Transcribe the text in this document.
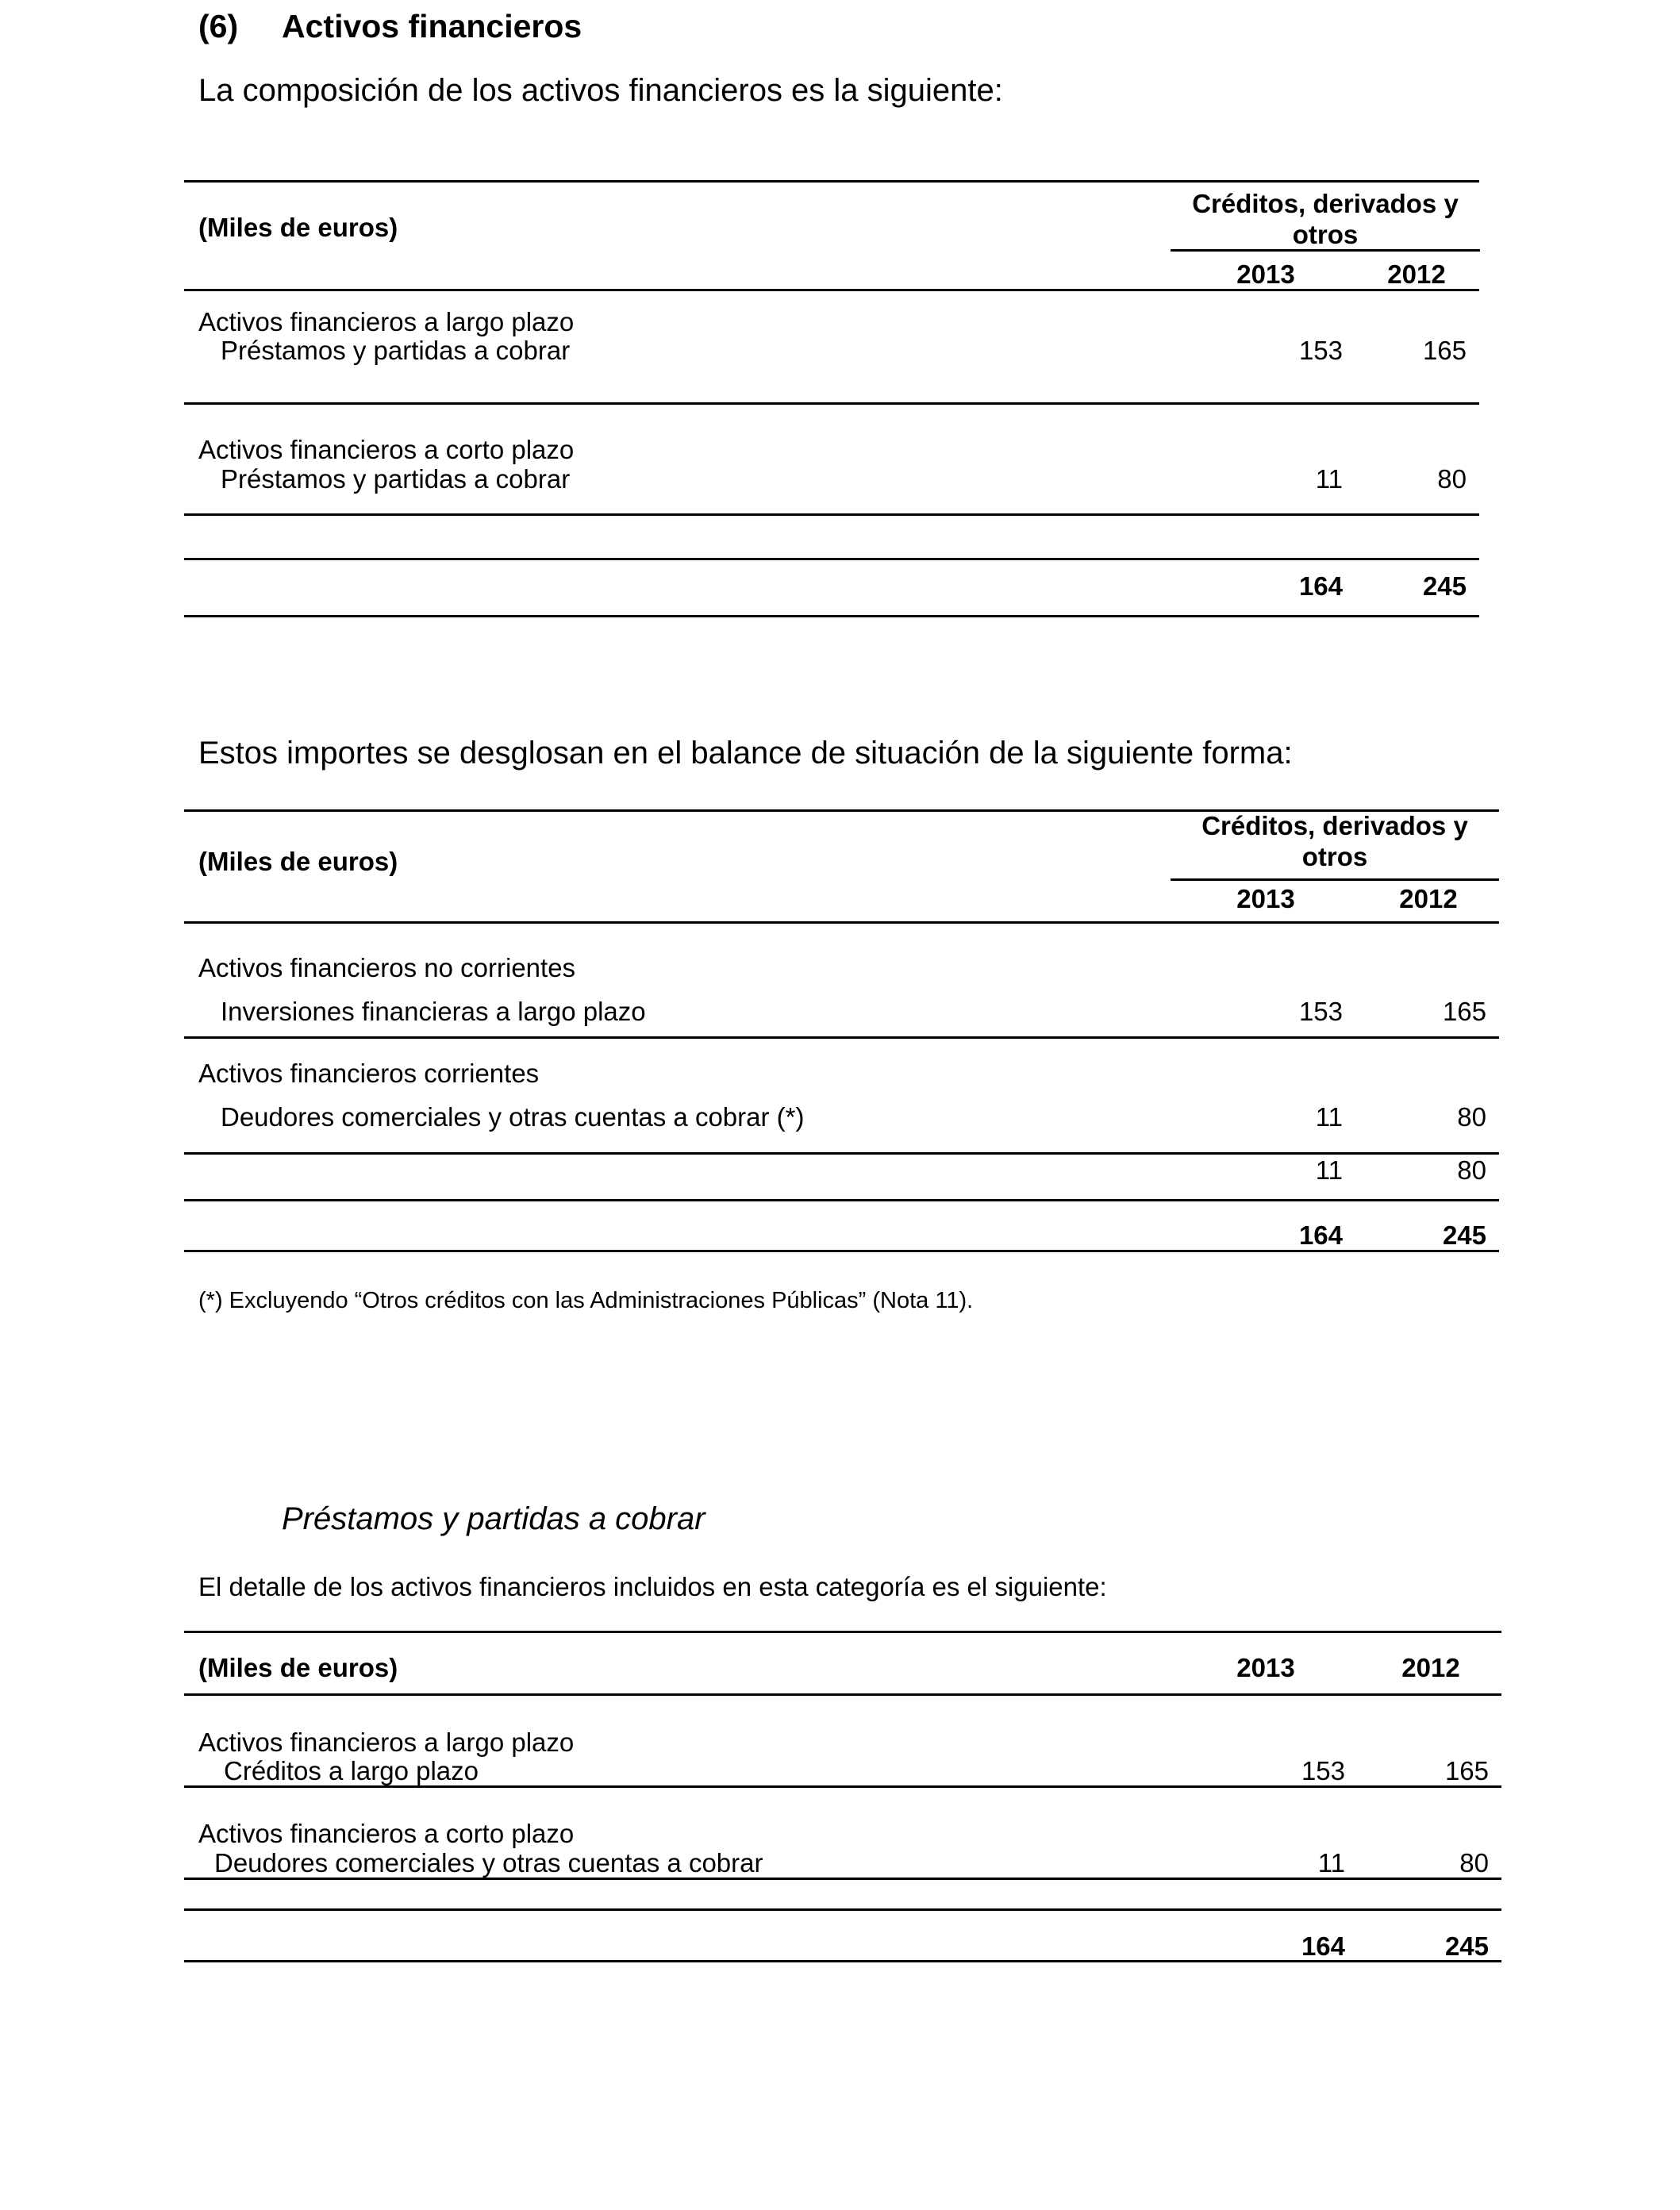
(6) Activos financieros
La composición de los activos financieros es la siguiente:
(Miles de euros)
Créditos, derivados y
otros
2013	2012
Activos financieros a largo plazo
Préstamos y partidas a cobrar	153	165
Activos financieros a corto plazo
Préstamos y partidas a cobrar	11	80
164	245
Estos importes se desglosan en el balance de situación de la siguiente forma:
(Miles de euros)
Créditos, derivados y
otros
2013	2012
Activos financieros no corrientes
Inversiones financieras a largo plazo	153	165
Activos financieros corrientes
Deudores comerciales y otras cuentas a cobrar (*)	11	80
11	80
164	245
(*) Excluyendo “Otros créditos con las Administraciones Públicas” (Nota 11).
Préstamos y partidas a cobrar
El detalle de los activos financieros incluidos en esta categoría es el siguiente:
(Miles de euros)	2013	2012
Activos financieros a largo plazo
Créditos a largo plazo	153	165
Activos financieros a corto plazo
Deudores comerciales y otras cuentas a cobrar	11	80
164	245
